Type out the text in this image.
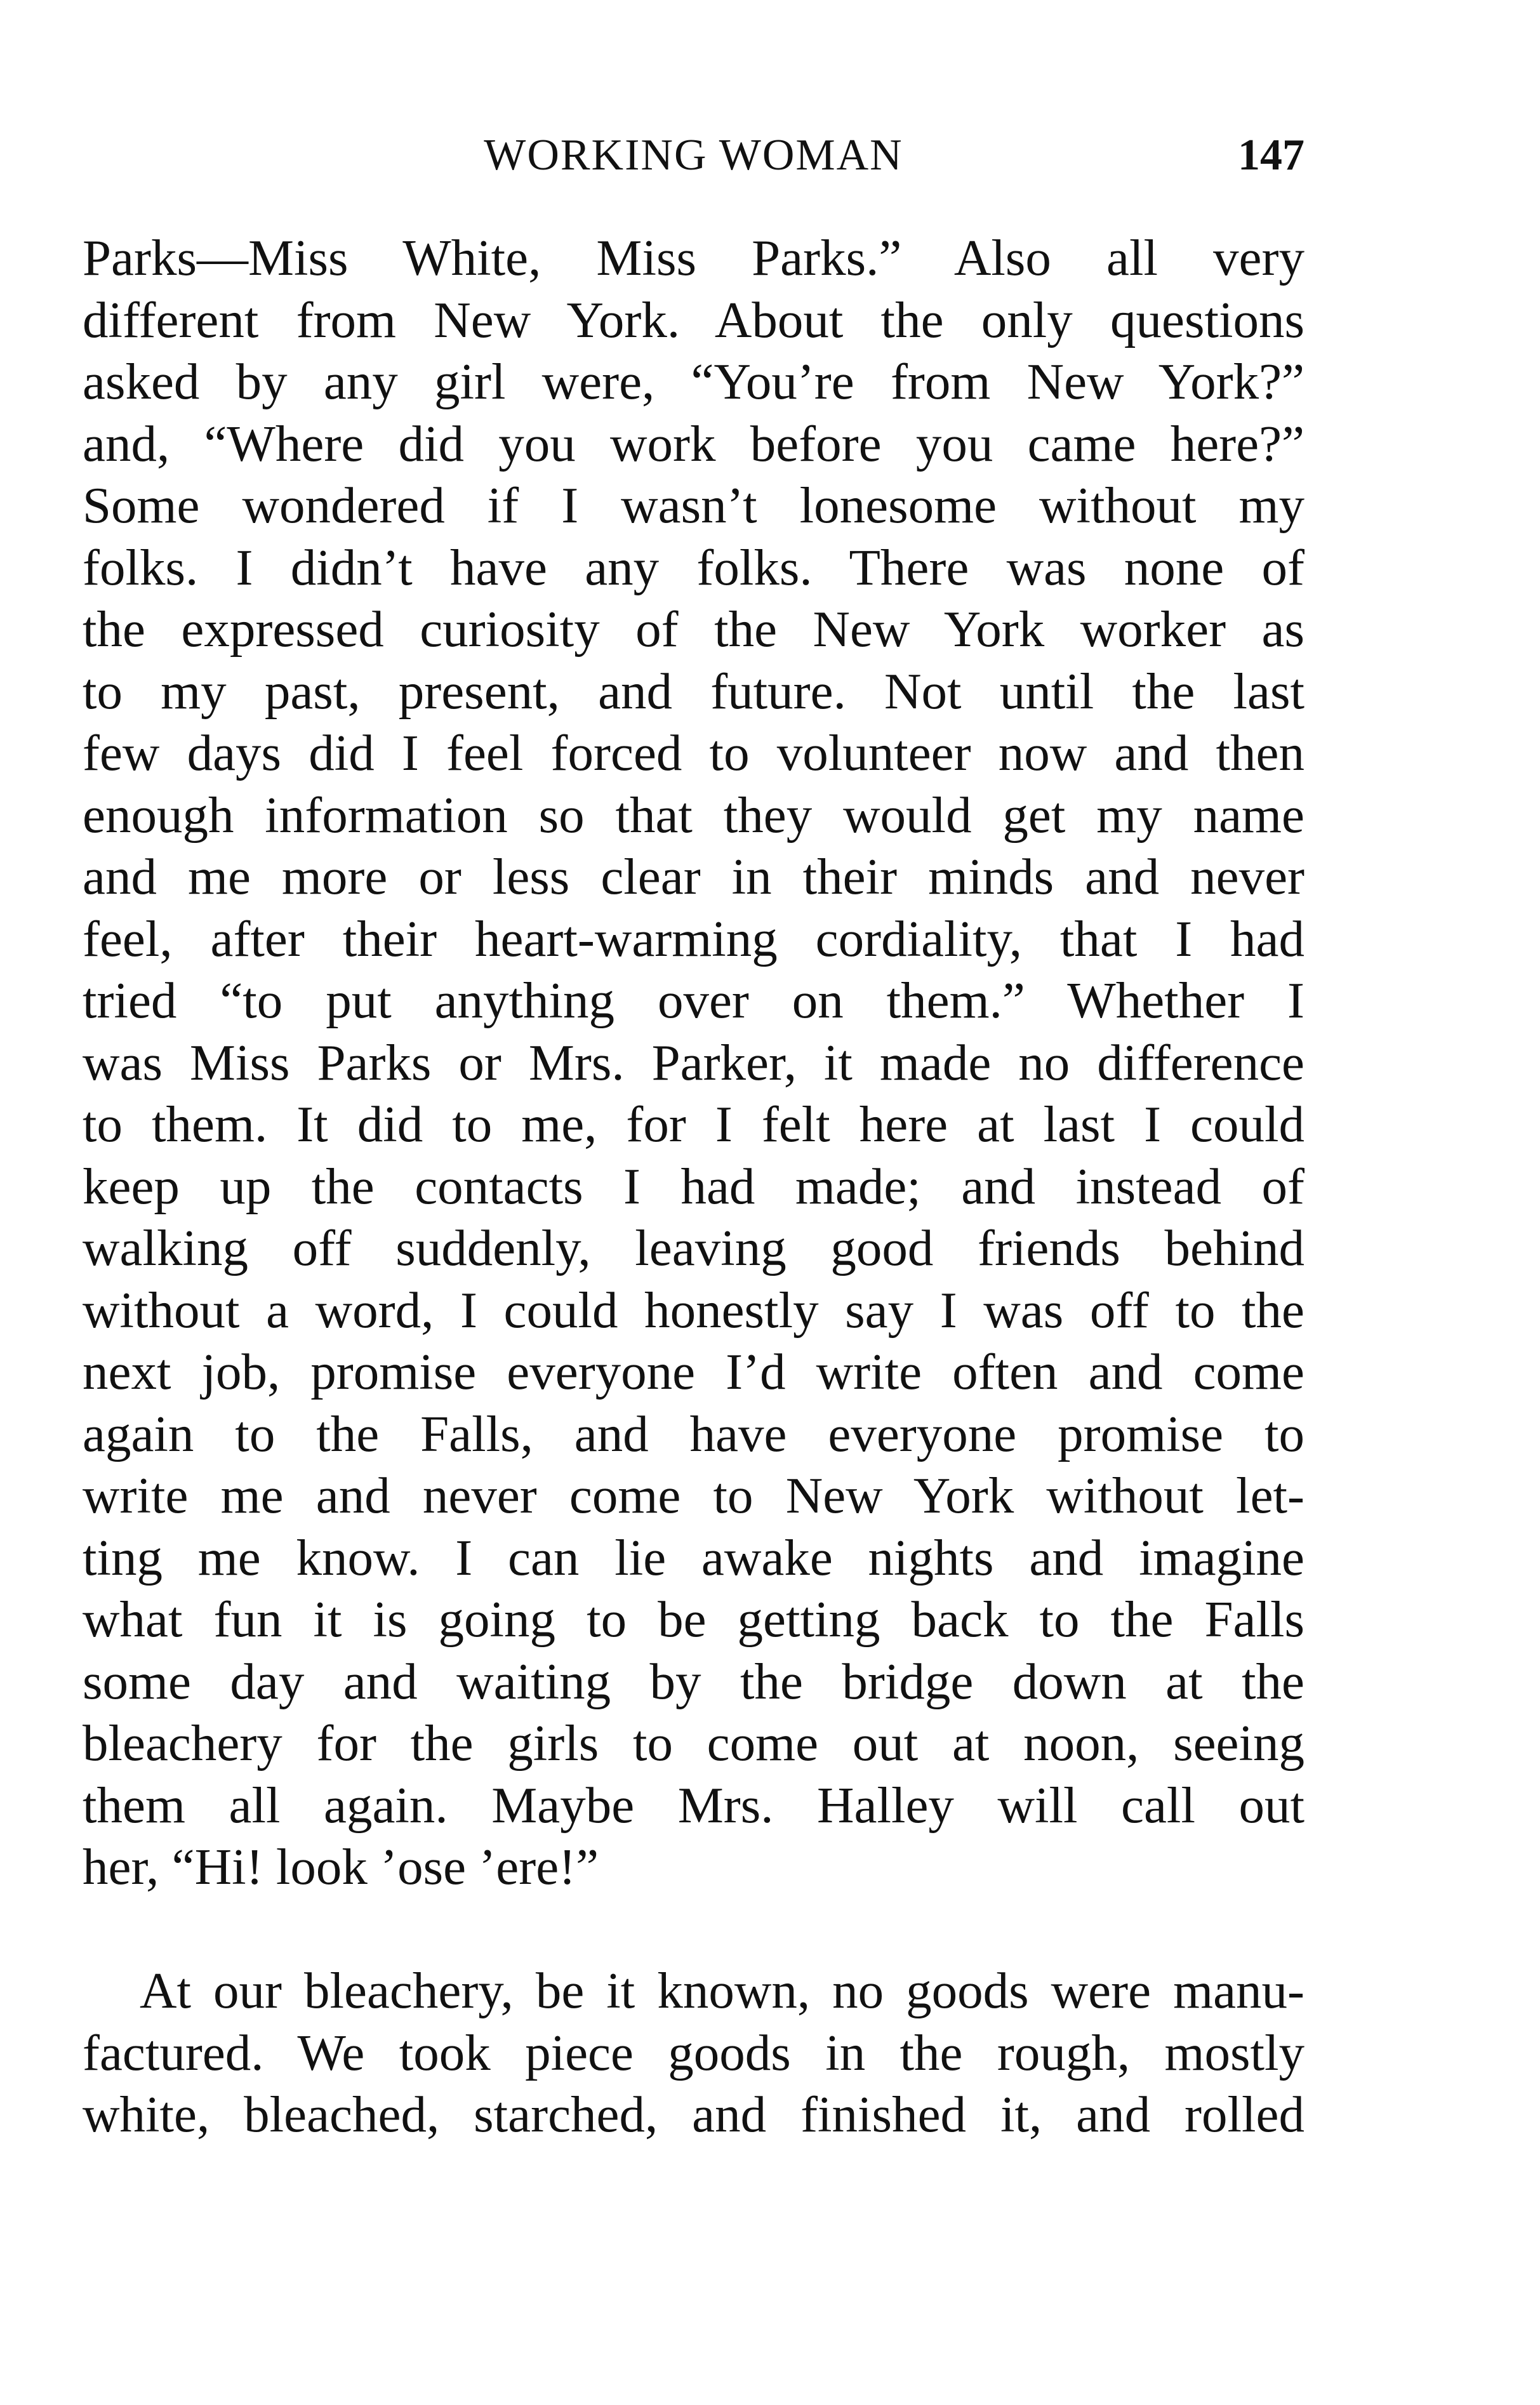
WORKING WOMAN	147
Parks—Miss White, Miss Parks.” Also all very
different from New York. About the only questions
asked by any girl were, “You’re from New York?”
and, “Where did you work before you came here?”
Some wondered if I wasn’t lonesome without my
folks. I didn’t have any folks. There was none of
the expressed curiosity of the New York worker as
to my past, present, and future. Not until the last
few days did I feel forced to volunteer now and then
enough information so that they would get my name
and me more or less clear in their minds and never
feel, after their heart-warming cordiality, that I had
tried “to put anything over on them.” Whether I
was Miss Parks or Mrs. Parker, it made no difference
to them. It did to me, for I felt here at last I could
keep up the contacts I had made; and instead of
walking off suddenly, leaving good friends behind
without a word, I could honestly say I was off to the
next job, promise everyone I’d write often and come
again to the Falls, and have everyone promise to
write me and never come to New York without let-
ting me know. I can lie awake nights and imagine
what fun it is going to be getting back to the Falls
some day and waiting by the bridge down at the
bleachery for the girls to come out at noon, seeing
them all again. Maybe Mrs. Halley will call out
her, “Hi! look ’ose ’ere!”
At our bleachery, be it known, no goods were manu-
factured. We took piece goods in the rough, mostly
white, bleached, starched, and finished it, and rolled
